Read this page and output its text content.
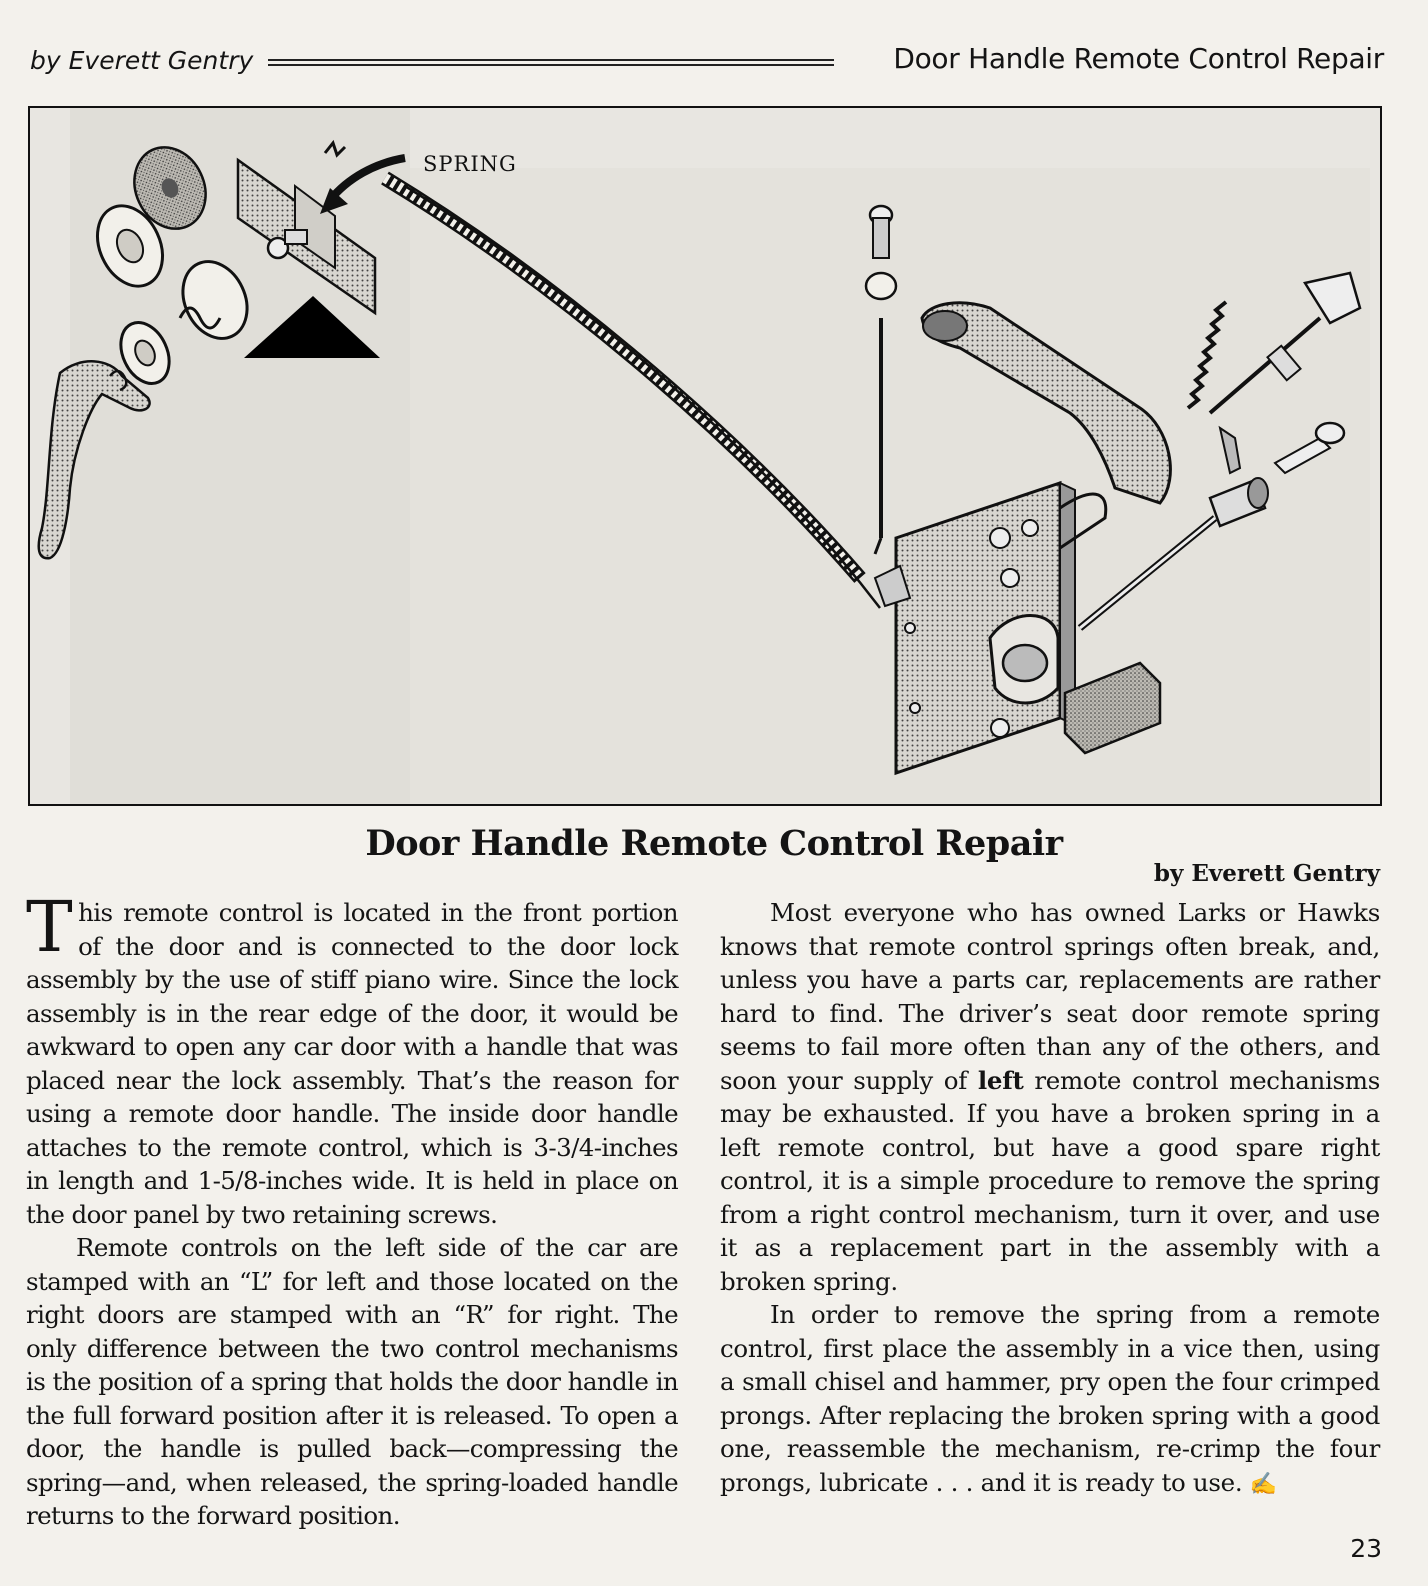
by Everett Gentry	Door Handle Remote Control Repair
SPRING
Door Handle Remote Control Repair
by Everett Gentry

This remote control is located in the front portion of the door and is connected to the door lock assembly by the use of stiff piano wire. Since the lock assembly is in the rear edge of the door, it would be awkward to open any car door with a handle that was placed near the lock assembly. That’s the reason for using a remote door handle. The inside door handle attaches to the remote control, which is 3-3/4-inches in length and 1-5/8-inches wide. It is held in place on the door panel by two retaining screws.

Remote controls on the left side of the car are stamped with an “L” for left and those located on the right doors are stamped with an “R” for right. The only difference between the two control mechanisms is the position of a spring that holds the door handle in the full forward position after it is released. To open a door, the handle is pulled back—compressing the spring—and, when released, the spring-loaded handle returns to the forward position.

Most everyone who has owned Larks or Hawks knows that remote control springs often break, and, unless you have a parts car, replacements are rather hard to find. The driver’s seat door remote spring seems to fail more often than any of the others, and soon your supply of left remote control mechanisms may be exhausted. If you have a broken spring in a left remote control, but have a good spare right control, it is a simple procedure to remove the spring from a right control mechanism, turn it over, and use it as a replacement part in the assembly with a broken spring.

In order to remove the spring from a remote control, first place the assembly in a vice then, using a small chisel and hammer, pry open the four crimped prongs. After replacing the broken spring with a good one, reassemble the mechanism, re-crimp the four prongs, lubricate . . . and it is ready to use. ✍

23
